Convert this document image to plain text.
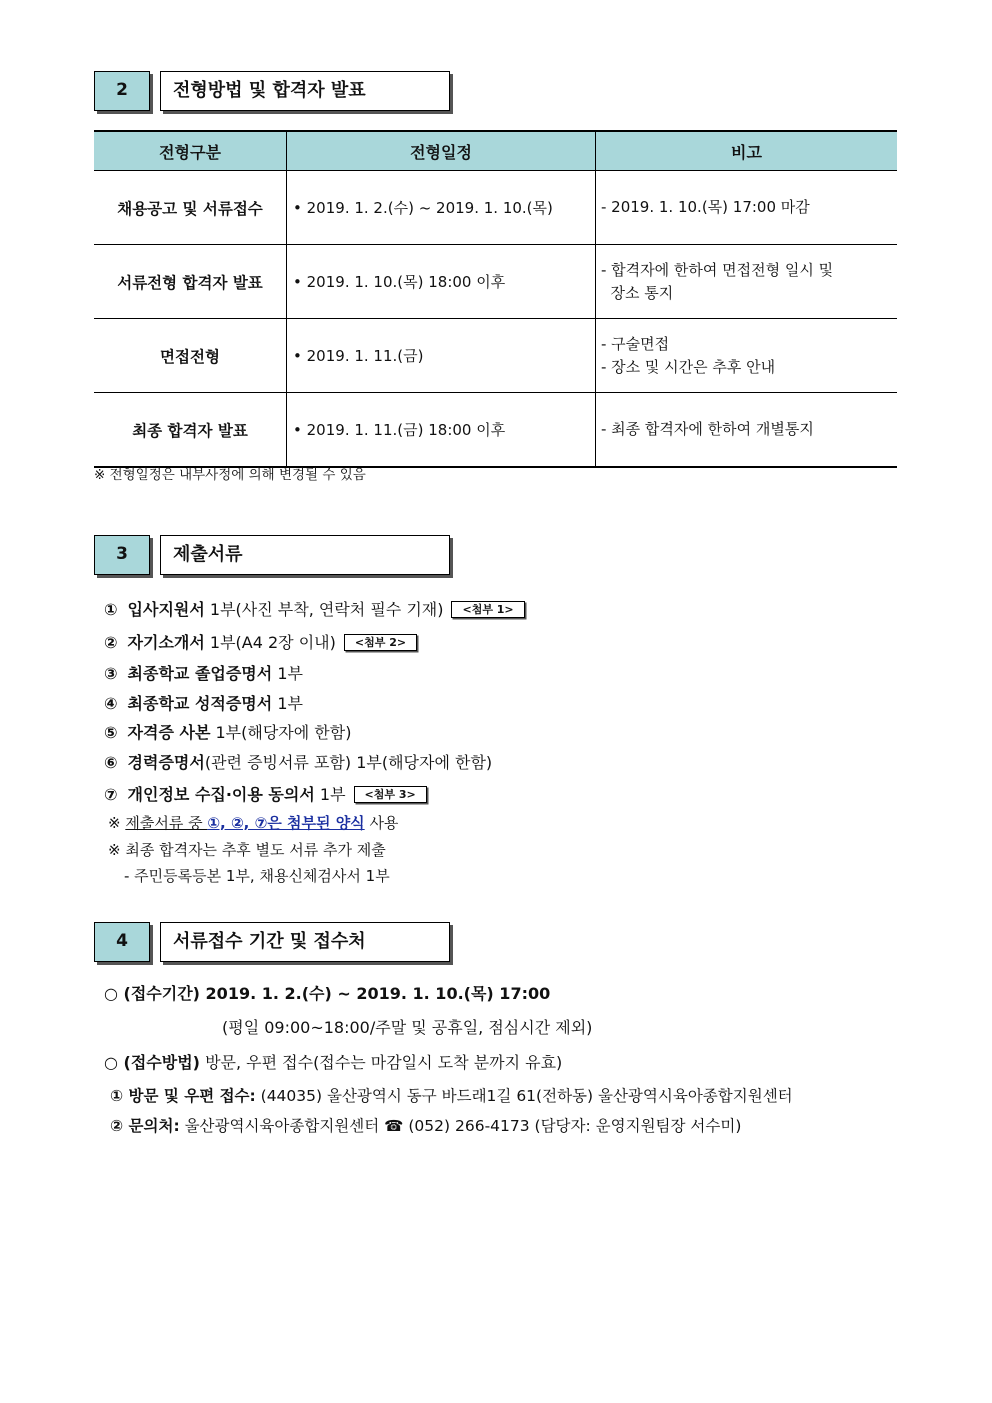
2	전형방법 및 합격자 발표
전형구분	전형일정	비고
채용공고 및 서류접수	• 2019. 1. 2.(수) ~ 2019. 1. 10.(목)	- 2019. 1. 10.(목) 17:00 마감

서류전형 합격자 발표	• 2019. 1. 10.(목) 18:00 이후	- 합격자에 한하여 면접전형 일시 및
장소 통지

면접전형	• 2019. 1. 11.(금)	- 구술면접
- 장소 및 시간은 추후 안내

최종 합격자 발표	• 2019. 1. 11.(금) 18:00 이후	- 최종 합격자에 한하여 개별통지
※ 전형일정은 내부사정에 의해 변경될 수 있음
3	제출서류
① 입사지원서 1부(사진 부착, 연락처 필수 기재) <첨부 1>
② 자기소개서 1부(A4 2장 이내) <첨부 2>
③ 최종학교 졸업증명서 1부
④ 최종학교 성적증명서 1부
⑤ 자격증 사본 1부(해당자에 한함)
⑥ 경력증명서(관련 증빙서류 포함) 1부(해당자에 한함)
⑦ 개인정보 수집·이용 동의서 1부 <첨부 3>
※ 제출서류 중 ①, ②, ⑦은 첨부된 양식 사용
※ 최종 합격자는 추후 별도 서류 추가 제출
- 주민등록등본 1부, 채용신체검사서 1부
4	서류접수 기간 및 접수처
○ (접수기간) 2019. 1. 2.(수) ~ 2019. 1. 10.(목) 17:00
(평일 09:00~18:00/주말 및 공휴일, 점심시간 제외)
○ (접수방법) 방문, 우편 접수(접수는 마감일시 도착 분까지 유효)
① 방문 및 우편 접수: (44035) 울산광역시 동구 바드래1길 61(전하동) 울산광역시육아종합지원센터
② 문의처: 울산광역시육아종합지원센터 ☎ (052) 266-4173 (담당자: 운영지원팀장 서수미)
